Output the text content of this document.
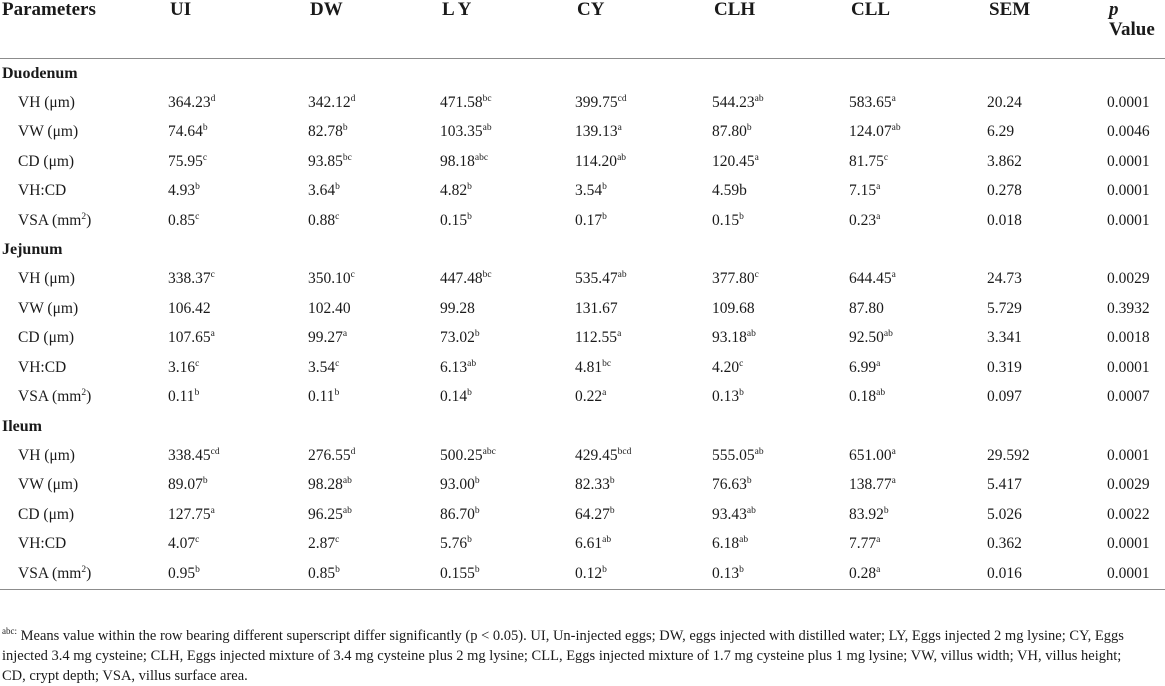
Parameters	UI	DW	L Y	CY	CLH	CLL	SEM	p
Value
Duodenum								
VH (μm)	364.23$^d$	342.12$^d$	471.58$^{bc}$	399.75$^{cd}$	544.23$^{ab}$	583.65$^a$	20.24	0.0001
VW (μm)	74.64$^b$	82.78$^b$	103.35$^{ab}$	139.13$^a$	87.80$^b$	124.07$^{ab}$	6.29	0.0046
CD (μm)	75.95$^c$	93.85$^{bc}$	98.18$^{abc}$	114.20$^{ab}$	120.45$^a$	81.75$^c$	3.862	0.0001
VH:CD	4.93$^b$	3.64$^b$	4.82$^b$	3.54$^b$	4.59b	7.15$^a$	0.278	0.0001
VSA $(mm^2)$	0.85$^c$	0.88$^c$	0.15$^b$	0.17$^b$	0.15$^b$	0.23$^a$	0.018	0.0001
Jejunum								
VH (μm)	338.37$^c$	350.10$^c$	447.48$^{bc}$	535.47$^{ab}$	377.80$^c$	644.45$^a$	24.73	0.0029
VW (μm)	106.42	102.40	99.28	131.67	109.68	87.80	5.729	0.3932
CD (μm)	107.65$^a$	99.27$^a$	73.02$^b$	112.55$^a$	93.18$^{ab}$	92.50$^{ab}$	3.341	0.0018
VH:CD	3.16$^c$	3.54$^c$	6.13$^{ab}$	4.81$^{bc}$	4.20$^c$	6.99$^a$	0.319	0.0001
VSA $(mm^2)$	0.11$^b$	0.11$^b$	0.14$^b$	0.22$^a$	0.13$^b$	0.18$^{ab}$	0.097	0.0007
Ileum								
VH (μm)	338.45$^{cd}$	276.55$^d$	500.25$^{abc}$	429.45$^{bcd}$	555.05$^{ab}$	651.00$^a$	29.592	0.0001
VW (μm)	89.07$^b$	98.28$^{ab}$	93.00$^b$	82.33$^b$	76.63$^b$	138.77$^a$	5.417	0.0029
CD (μm)	127.75$^a$	96.25$^{ab}$	86.70$^b$	64.27$^b$	93.43$^{ab}$	83.92$^b$	5.026	0.0022
VH:CD	4.07$^c$	2.87$^c$	5.76$^b$	6.61$^{ab}$	6.18$^{ab}$	7.77$^a$	0.362	0.0001
VSA $(mm^2)$	0.95$^b$	0.85$^b$	0.155$^b$	0.12$^b$	0.13$^b$	0.28$^a$	0.016	0.0001

$^{abc:}$ Means value within the row bearing different superscript differ significantly (p < 0.05). UI, Un-injected eggs; DW, eggs injected with distilled water; LY, Eggs injected 2 mg lysine; CY, Eggs injected 3.4 mg cysteine; CLH, Eggs injected mixture of 3.4 mg cysteine plus 2 mg lysine; CLL, Eggs injected mixture of 1.7 mg cysteine plus 1 mg lysine; VW, villus width; VH, villus height; CD, crypt depth; VSA, villus surface area.
